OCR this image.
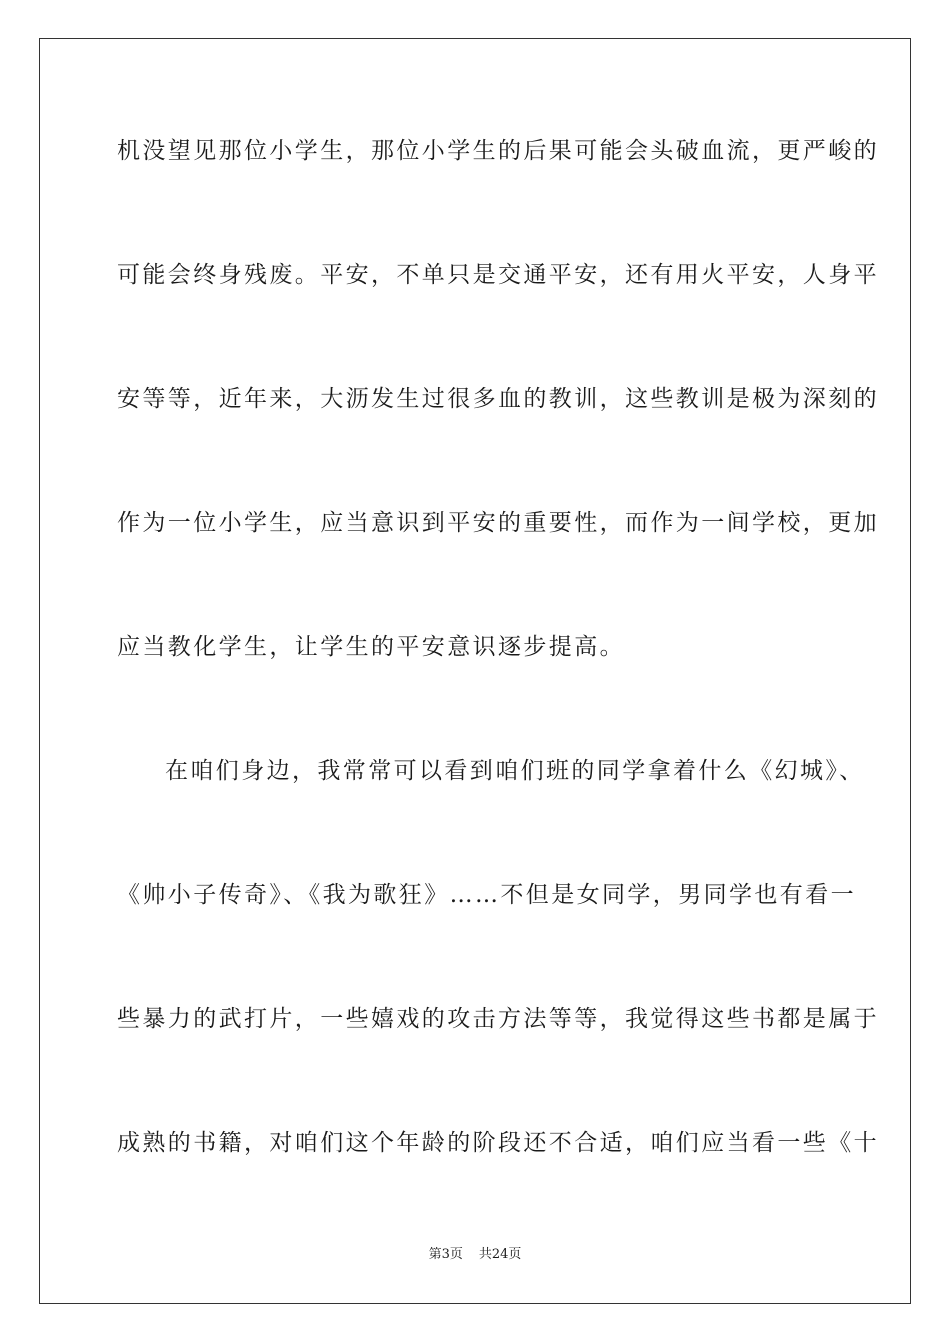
机没望见那位小学生，那位小学生的后果可能会头破血流，更严峻的
可能会终身残废。平安，不单只是交通平安，还有用火平安，人身平
安等等，近年来，大沥发生过很多血的教训，这些教训是极为深刻的
作为一位小学生，应当意识到平安的重要性，而作为一间学校，更加
应当教化学生，让学生的平安意识逐步提高。
在咱们身边，我常常可以看到咱们班的同学拿着什么《幻城》、
《帅小子传奇》、《我为歌狂》……不但是女同学，男同学也有看一
些暴力的武打片，一些嬉戏的攻击方法等等，我觉得这些书都是属于
成熟的书籍，对咱们这个年龄的阶段还不合适，咱们应当看一些《十
第3页 共24页
